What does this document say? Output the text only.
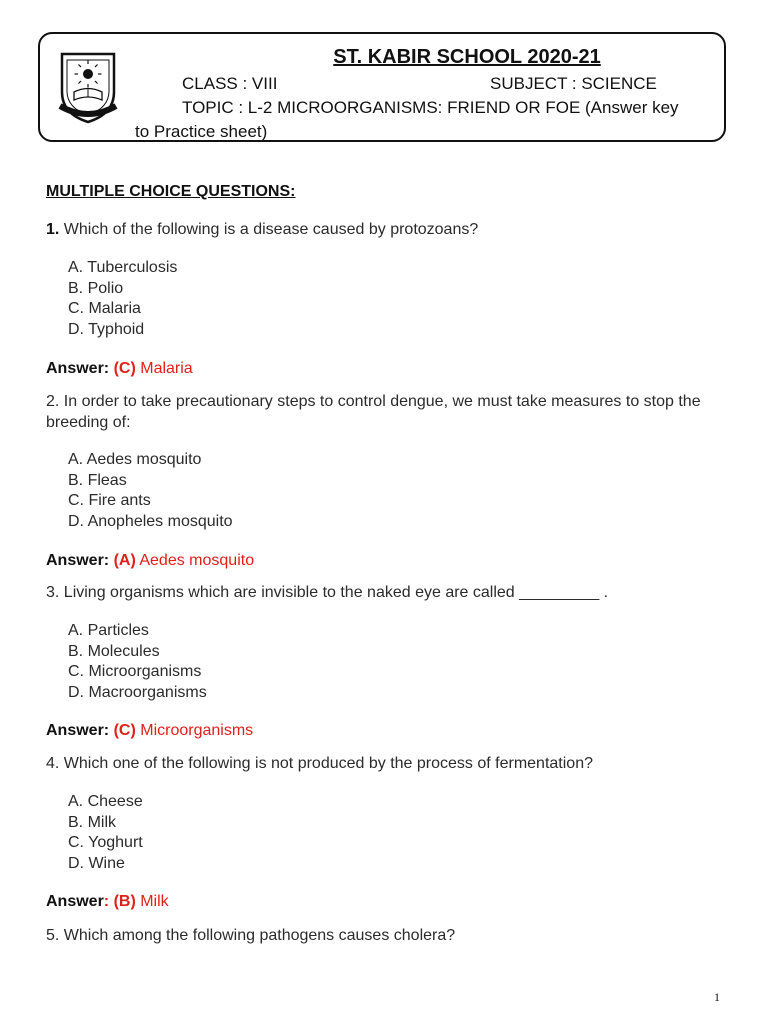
ST. KABIR SCHOOL 2020-21
CLASS : VIII	SUBJECT : SCIENCE
TOPIC : L-2 MICROORGANISMS: FRIEND OR FOE (Answer key
to Practice sheet)
MULTIPLE CHOICE QUESTIONS:
1. Which of the following is a disease caused by protozoans?
A. Tuberculosis
B. Polio
C. Malaria
D. Typhoid
Answer: (C) Malaria
2. In order to take precautionary steps to control dengue, we must take measures to stop the breeding of:
A. Aedes mosquito
B. Fleas
C. Fire ants
D. Anopheles mosquito
Answer: (A) Aedes mosquito
3. Living organisms which are invisible to the naked eye are called _________ .
A. Particles
B. Molecules
C. Microorganisms
D. Macroorganisms
Answer: (C) Microorganisms
4. Which one of the following is not produced by the process of fermentation?
A. Cheese
B. Milk
C. Yoghurt
D. Wine
Answer: (B) Milk
5. Which among the following pathogens causes cholera?
1
